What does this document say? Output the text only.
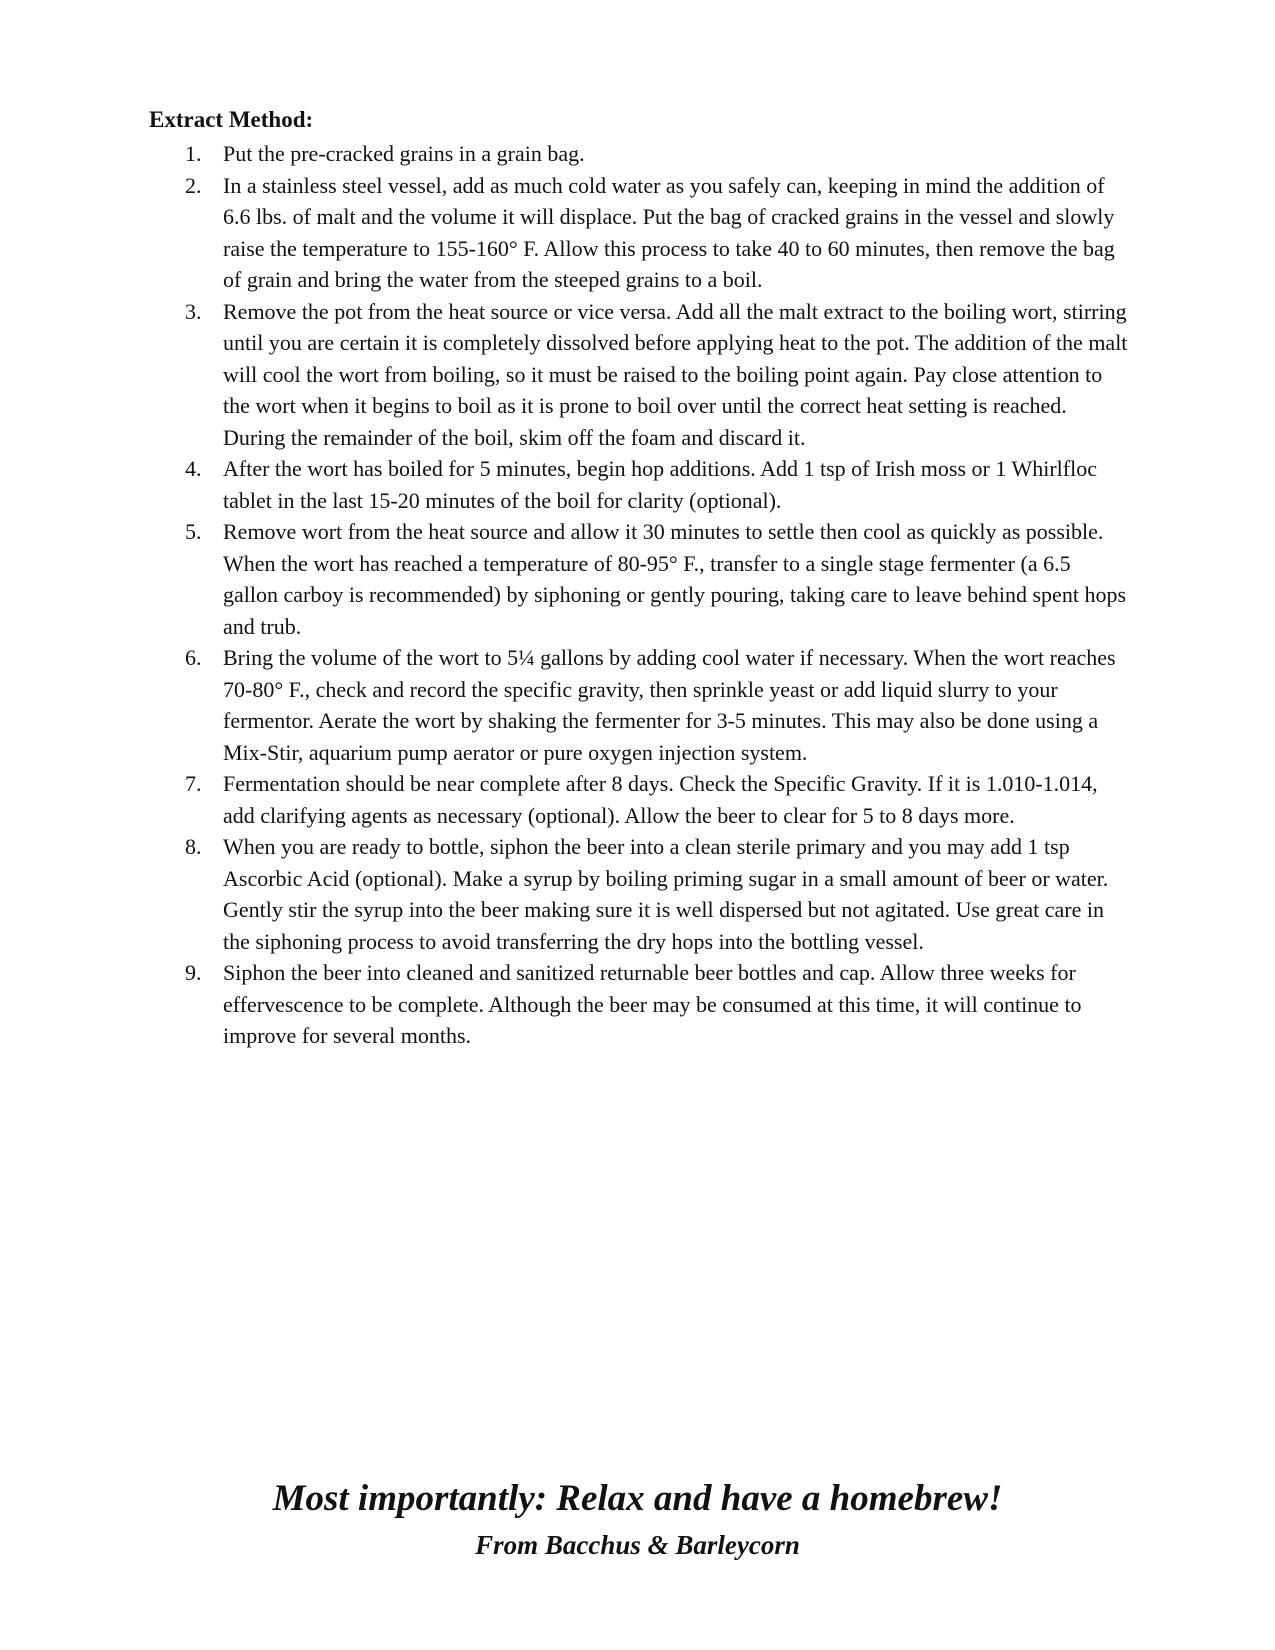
Extract Method:
1. Put the pre-cracked grains in a grain bag.
2. In a stainless steel vessel, add as much cold water as you safely can, keeping in mind the addition of 6.6 lbs. of malt and the volume it will displace. Put the bag of cracked grains in the vessel and slowly raise the temperature to 155-160° F. Allow this process to take 40 to 60 minutes, then remove the bag of grain and bring the water from the steeped grains to a boil.
3. Remove the pot from the heat source or vice versa. Add all the malt extract to the boiling wort, stirring until you are certain it is completely dissolved before applying heat to the pot. The addition of the malt will cool the wort from boiling, so it must be raised to the boiling point again. Pay close attention to the wort when it begins to boil as it is prone to boil over until the correct heat setting is reached. During the remainder of the boil, skim off the foam and discard it.
4. After the wort has boiled for 5 minutes, begin hop additions. Add 1 tsp of Irish moss or 1 Whirlfloc tablet in the last 15-20 minutes of the boil for clarity (optional).
5. Remove wort from the heat source and allow it 30 minutes to settle then cool as quickly as possible. When the wort has reached a temperature of 80-95° F., transfer to a single stage fermenter (a 6.5 gallon carboy is recommended) by siphoning or gently pouring, taking care to leave behind spent hops and trub.
6. Bring the volume of the wort to 5¼ gallons by adding cool water if necessary. When the wort reaches 70-80° F., check and record the specific gravity, then sprinkle yeast or add liquid slurry to your fermentor. Aerate the wort by shaking the fermenter for 3-5 minutes. This may also be done using a Mix-Stir, aquarium pump aerator or pure oxygen injection system.
7. Fermentation should be near complete after 8 days. Check the Specific Gravity. If it is 1.010-1.014, add clarifying agents as necessary (optional). Allow the beer to clear for 5 to 8 days more.
8. When you are ready to bottle, siphon the beer into a clean sterile primary and you may add 1 tsp Ascorbic Acid (optional). Make a syrup by boiling priming sugar in a small amount of beer or water. Gently stir the syrup into the beer making sure it is well dispersed but not agitated. Use great care in the siphoning process to avoid transferring the dry hops into the bottling vessel.
9. Siphon the beer into cleaned and sanitized returnable beer bottles and cap. Allow three weeks for effervescence to be complete. Although the beer may be consumed at this time, it will continue to improve for several months.

Most importantly: Relax and have a homebrew!

From Bacchus & Barleycorn
